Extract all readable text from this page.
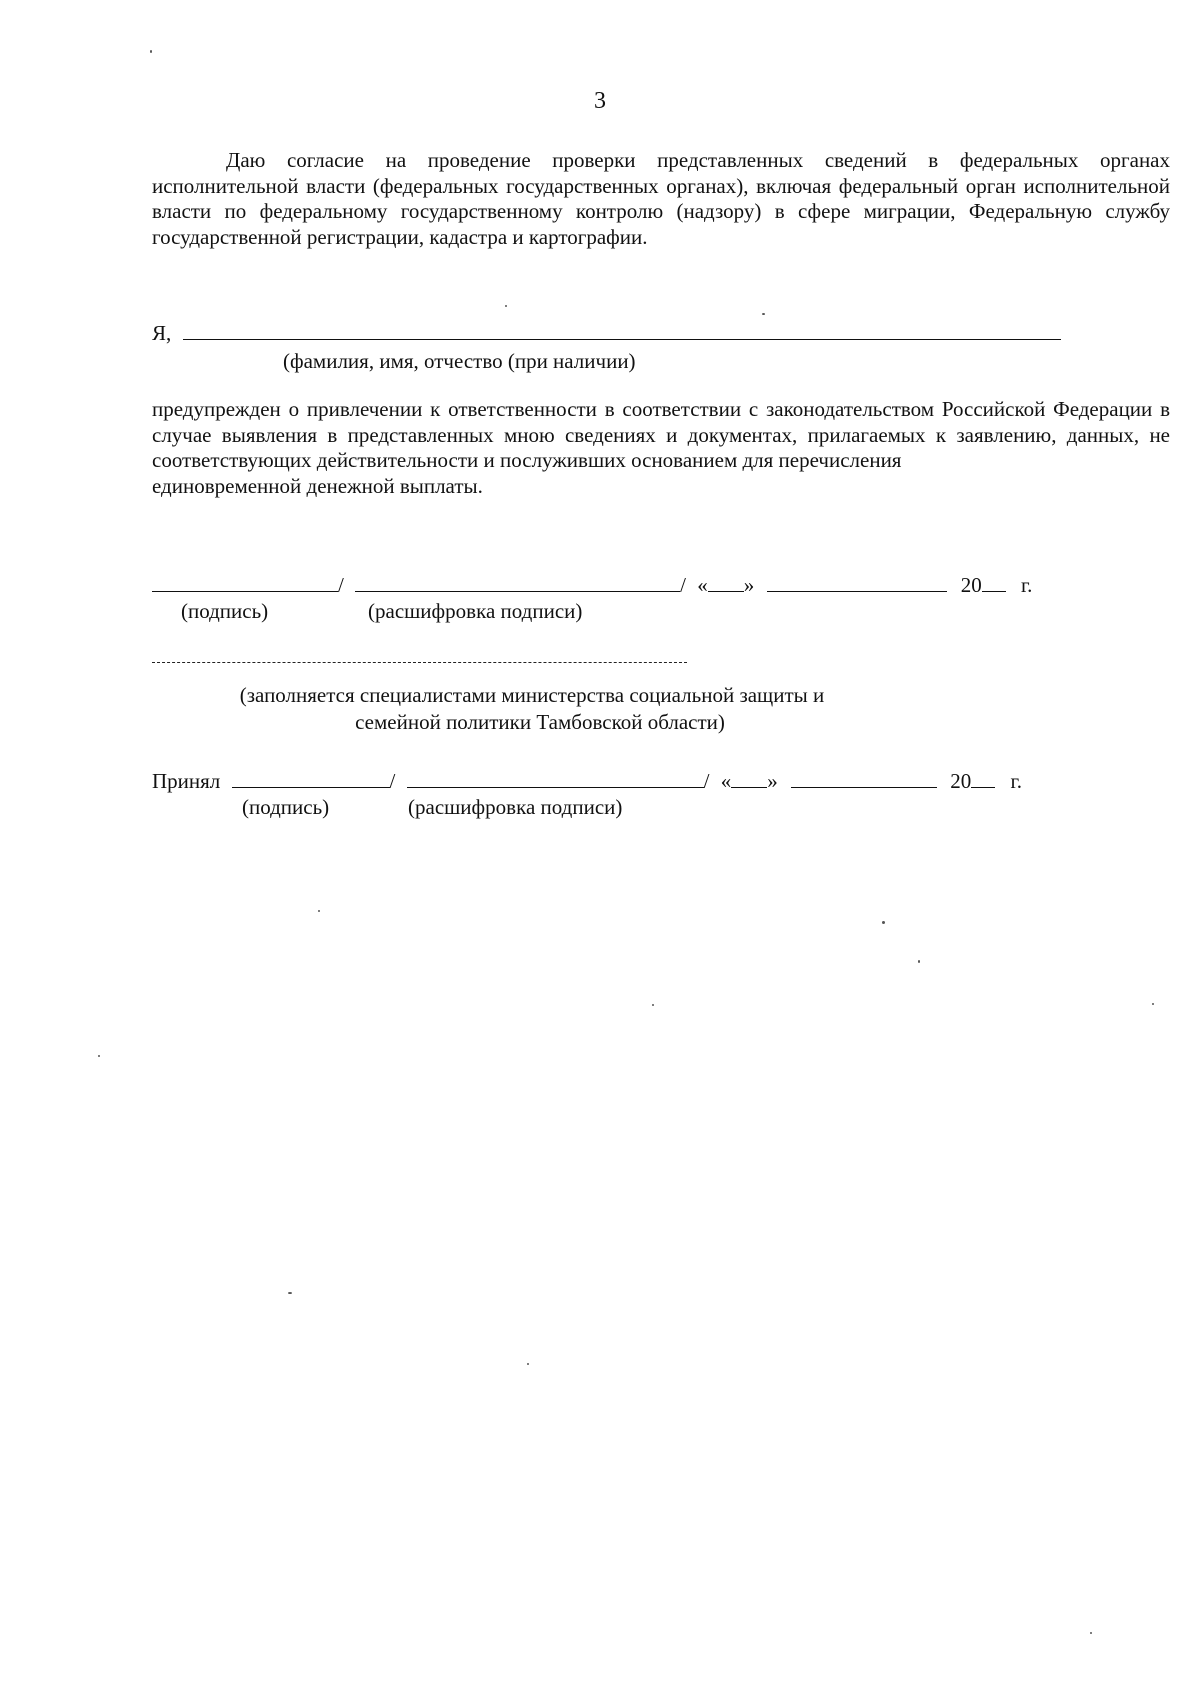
3
Даю согласие на проведение проверки представленных сведений в федеральных органах исполнительной власти (федеральных государственных органах), включая федеральный орган исполнительной власти по федеральному государственному контролю (надзору) в сфере миграции, Федеральную службу государственной регистрации, кадастра и картографии.
Я,
(фамилия, имя, отчество (при наличии)
предупрежден о привлечении к ответственности в соответствии с законодательством Российской Федерации в случае выявления в представленных мною сведениях и документах, прилагаемых к заявлению, данных, не соответствующих действительности и послуживших основанием для перечисления
единовременной денежной выплаты.
/	/ « »	20 г.
(подпись)	(расшифровка подписи)
(заполняется специалистами министерства социальной защиты и
семейной политики Тамбовской области)
Принял	/	/ « »	20 г.
(подпись)	(расшифровка подписи)
